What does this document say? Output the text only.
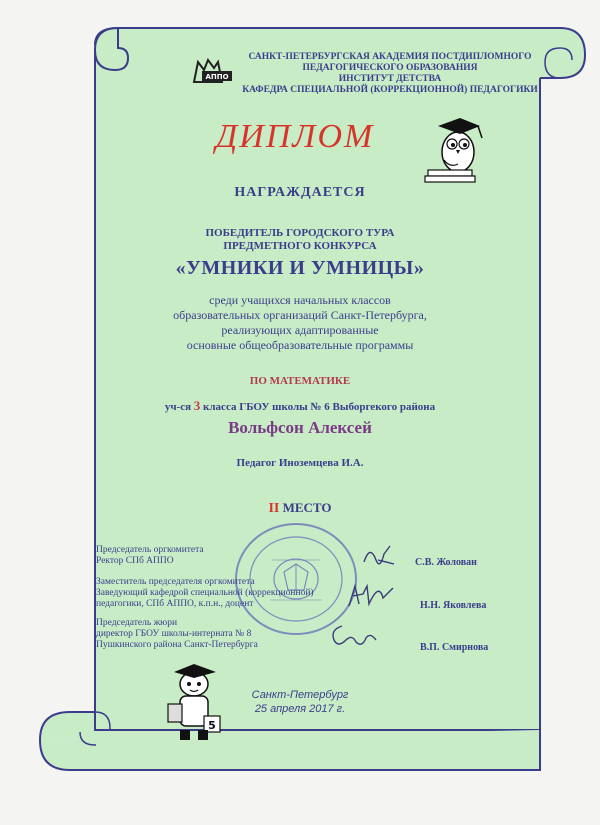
АППО
САНКТ-ПЕТЕРБУРГСКАЯ АКАДЕМИЯ ПОСТДИПЛОМНОГО
ПЕДАГОГИЧЕСКОГО ОБРАЗОВАНИЯ
ИНСТИТУТ ДЕТСТВА
КАФЕДРА СПЕЦИАЛЬНОЙ (КОРРЕКЦИОННОЙ) ПЕДАГОГИКИ
ДИПЛОМ
НАГРАЖДАЕТСЯ
ПОБЕДИТЕЛЬ ГОРОДСКОГО ТУРА
ПРЕДМЕТНОГО КОНКУРСА
«УМНИКИ И УМНИЦЫ»
среди учащихся начальных классов
образовательных организаций Санкт-Петербурга,
реализующих адаптированные
основные общеобразовательные программы
ПО МАТЕМАТИКЕ
уч-ся 3 класса ГБОУ школы № 6 Выборгекого района
Вольфсон Алексей
Педагог Иноземцева И.А.
II МЕСТО
Председатель оргкомитета
Ректор СПб АППО	С.В. Жолован
Заместитель председателя оргкомитета
Заведующий кафедрой специальной (коррекционной)
педагогики, СПб АППО, к.п.н., доцент	Н.Н. Яковлева
Председатель жюри
директор ГБОУ школы-интерната № 8
Пушкинского района Санкт-Петербурга	В.П. Смирнова
5
Санкт-Петербург
25 апреля 2017 г.
